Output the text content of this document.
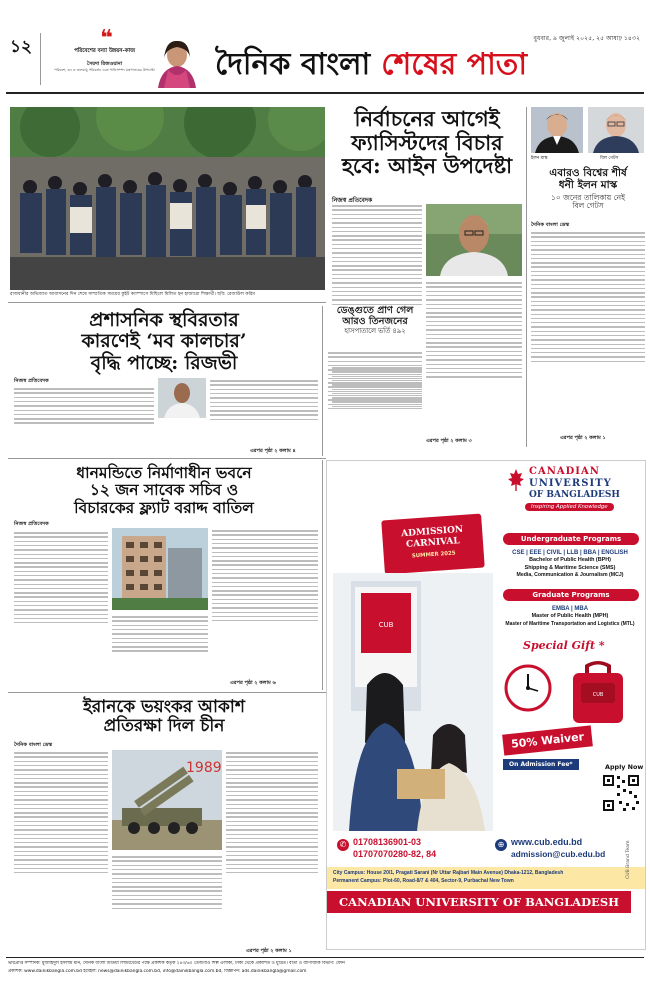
১২	❝
পরিবেশের বন্যা উন্নয়ন-কাজ
সৈয়দা রিজওয়ানা
পরিবেশ, বন ও জলবায়ু পরিবর্তন এবং পানিসম্পদ মন্ত্রণালয়ের উপদেষ্টা
বুধবার, ৯ জুলাই ২০২৫, ২৫ আষাঢ় ১৪৩২
দৈনিক বাংলা শেষের পাতা
রাজধানীর অভিজাত আবাসনের দিন শেষে সাম্প্রতিক সময়ের কুইট ক্যাম্পাসে মিছিলে মিলিত হন হাজারো শিক্ষার্থী। ছবি: রেজাউল করিম
নির্বাচনের আগেই
ফ্যাসিস্টদের বিচার
হবে: আইন উপদেষ্টা
নিজস্ব প্রতিবেদক
এরপর পৃষ্ঠা ২ কলাম ৩
ইলন মাস্ক	বিল গেটস
এবারও বিশ্বের শীর্ষ
ধনী ইলন মাস্ক
১০ জনের তালিকায় নেই
বিল গেটস
দৈনিক বাংলা ডেস্ক
এরপর পৃষ্ঠা ২ কলাম ১
প্রশাসনিক স্থবিরতার
কারণেই ‘মব কালচার’
বৃদ্ধি পাচ্ছে: রিজভী
নিজস্ব প্রতিবেদক
এরপর পৃষ্ঠা ২ কলাম ৪
ডেঙ্গুতে প্রাণ গেল
আরও তিনজনের
হাসপাতালে ভর্তি ৪৯২
ধানমন্ডিতে নির্মাণাধীন ভবনে
১২ জন সাবেক সচিব ও
বিচারকের ফ্ল্যাট বরাদ্দ বাতিল
নিজস্ব প্রতিবেদক
এরপর পৃষ্ঠা ২ কলাম ৬
ইরানকে ভয়ংকর আকাশ
প্রতিরক্ষা দিল চীন
দৈনিক বাংলা ডেস্ক
1989
এরপর পৃষ্ঠা ২ কলাম ১
ADMISSION CARNIVAL
SUMMER 2025
CANADIAN
UNIVERSITY
OF BANGLADESH
Inspiring Applied Knowledge
CUB
Undergraduate Programs
CSE | EEE | CIVIL | LLB | BBA | ENGLISH
Bachelor of Public Health (BPH)
Shipping & Maritime Science (SMS)
Media, Communication & Journalism (MCJ)
Graduate Programs
EMBA | MBA
Master of Public Health (MPH)
Master of Maritime Transportation and Logistics (MTL)
Special Gift *
CUB
50% Waiver On Admission Fee*	Apply Now
✆ 01708136901-03
01707070280-82, 84
⊕ www.cub.edu.bd
admission@cub.edu.bd
City Campus: House 20/1, Pragati Sarani (Nr Uttar Rajbari Main Avenue) Dhaka-1212, Bangladesh
Permanent Campus: Plot-60, Road-8/7 & 404, Sector-9, Purbachal New Town
CANADIAN UNIVERSITY OF BANGLADESH
CUB Brand Team
ভারপ্রাপ্ত সম্পাদক: মুজাহিদুল ইসলাম মনি, দৈনিক বাংলা মিডিয়া লিমিটেডের পক্ষে প্রকাশক কর্তৃক ২৪৩/৬০ তেজগাঁও শিল্প এলাকা, ঢাকা থেকে প্রকাশিত ও মুদ্রিত। বার্তা ও বাণিজ্যিক বিভাগ: ফোন
প্রকাশক: www.dainikbangla.com.bd ইমেইল: news@dainikbangla.com.bd, info@dainikbangla.com.bd, বিজ্ঞাপন: ads.dainikbangla@gmail.com
